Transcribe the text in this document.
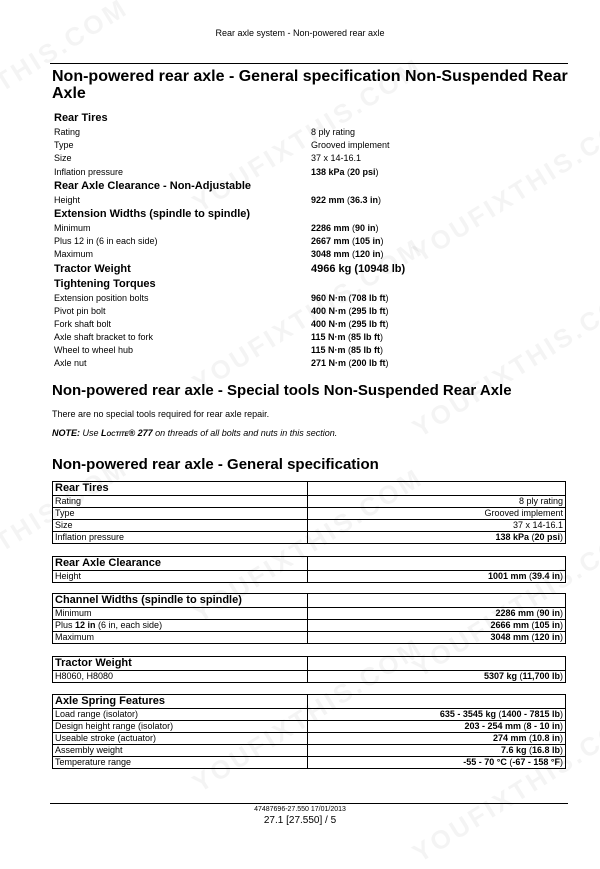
Rear axle system - Non-powered rear axle
Non-powered rear axle - General specification Non-Suspended Rear Axle
Rear Tires
Rating	8 ply rating
Type	Grooved implement
Size	37 x 14-16.1
Inflation pressure	138 kPa (20 psi)
Rear Axle Clearance - Non-Adjustable
Height	922 mm (36.3 in)
Extension Widths (spindle to spindle)
Minimum	2286 mm (90 in)
Plus 12 in (6 in each side)	2667 mm (105 in)
Maximum	3048 mm (120 in)
Tractor Weight	4966 kg (10948 lb)
Tightening Torques
Extension position bolts	960 N·m (708 lb ft)
Pivot pin bolt	400 N·m (295 lb ft)
Fork shaft bolt	400 N·m (295 lb ft)
Axle shaft bracket to fork	115 N·m (85 lb ft)
Wheel to wheel hub	115 N·m (85 lb ft)
Axle nut	271 N·m (200 lb ft)
Non-powered rear axle - Special tools Non-Suspended Rear Axle
There are no special tools required for rear axle repair.
NOTE: Use Loctite® 277 on threads of all bolts and nuts in this section.
Non-powered rear axle - General specification
Rear Tires	
Rating	8 ply rating
Type	Grooved implement
Size	37 x 14-16.1
Inflation pressure	138 kPa (20 psi)
Rear Axle Clearance	
Height	1001 mm (39.4 in)
Channel Widths (spindle to spindle)	
Minimum	2286 mm (90 in)
Plus 12 in (6 in, each side)	2666 mm (105 in)
Maximum	3048 mm (120 in)
Tractor Weight	
H8060, H8080	5307 kg (11,700 lb)
Axle Spring Features	
Load range (isolator)	635 - 3545 kg (1400 - 7815 lb)
Design height range (isolator)	203 - 254 mm (8 - 10 in)
Useable stroke (actuator)	274 mm (10.8 in)
Assembly weight	7.6 kg (16.8 lb)
Temperature range	-55 - 70 °C (-67 - 158 °F)
47487696-27.550 17/01/2013
27.1 [27.550] / 5
